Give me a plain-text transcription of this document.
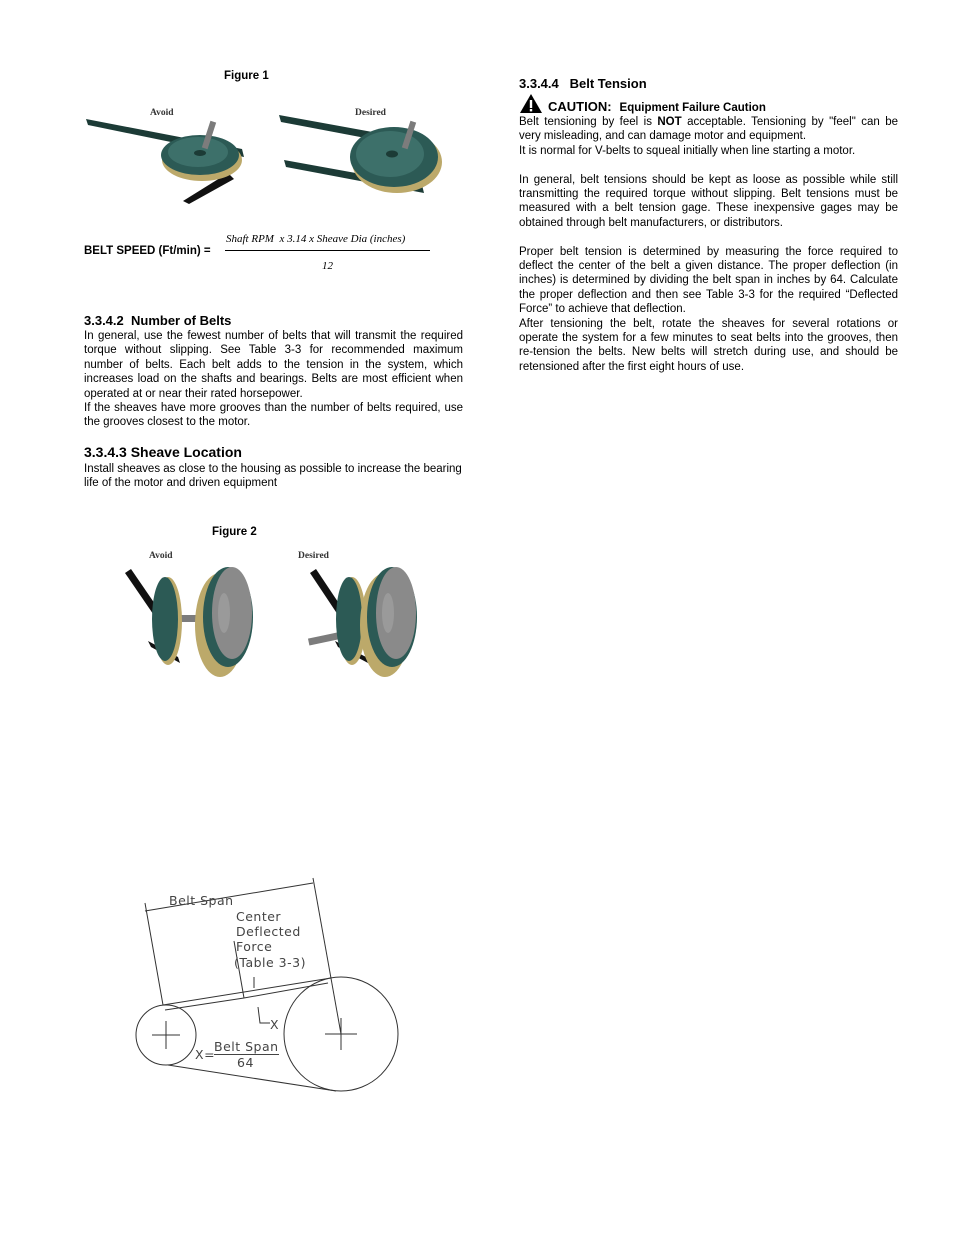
Figure 1
Avoid	Desired
BELT SPEED (Ft/min) =
Shaft RPM  x 3.14 x Sheave Dia (inches)
12
3.3.4.2 Number of Belts

In general, use the fewest number of belts that will transmit the required torque without slipping. See Table 3-3 for recommended maximum number of belts. Each belt adds to the tension in the system, which increases load on the shafts and bearings. Belts are most efficient when operated at or near their rated horsepower.

If the sheaves have more grooves than the number of belts required, use the grooves closest to the motor.

3.3.4.3 Sheave Location
Install sheaves as close to the housing as possible to increase the bearing life of the motor and driven equipment
Figure 2
Avoid	Desired
Belt Span
Center
Deflected
Force
(Table 3-3)
X
X=
Belt Span
64
3.3.4.4 Belt Tension
CAUTION: Equipment Failure Caution

Belt tensioning by feel is NOT acceptable. Tensioning by "feel" can be very misleading, and can damage motor and equipment.

It is normal for V-belts to squeal initially when line starting a motor.

In general, belt tensions should be kept as loose as possible while still transmitting the required torque without slipping. Belt tensions must be measured with a belt tension gage. These inexpensive gages may be obtained through belt manufacturers, or distributors.

Proper belt tension is determined by measuring the force required to deflect the center of the belt a given distance. The proper deflection (in inches) is determined by dividing the belt span in inches by 64. Calculate the proper deflection and then see Table 3-3 for the required “Deflected Force” to achieve that deflection.

After tensioning the belt, rotate the sheaves for several rotations or operate the system for a few minutes to seat belts into the grooves, then re-tension the belts. New belts will stretch during use, and should be retensioned after the first eight hours of use.
